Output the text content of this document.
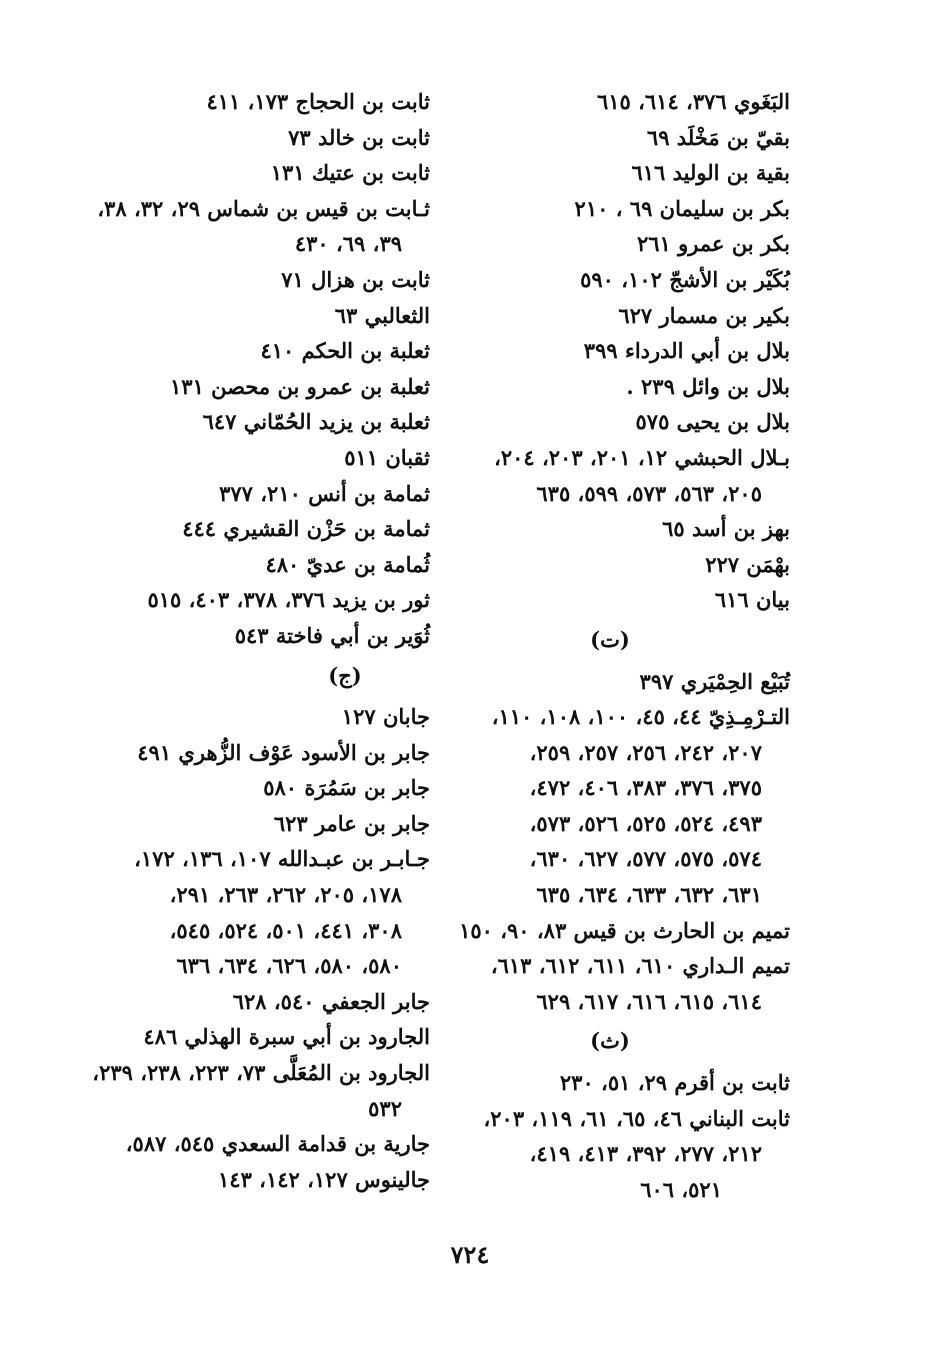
البَغَوي ٣٧٦، ٦١٤، ٦١٥
بقيّ بن مَخْلَد ٦٩
بقية بن الوليد ٦١٦
بكر بن سليمان ٦٩ ، ٢١٠
بكر بن عمرو ٢٦١
بُكَيْر بن الأشجّ ١٠٢، ٥٩٠
بكير بن مسمار ٦٢٧
بلال بن أبي الدرداء ٣٩٩
بلال بن وائل ٢٣٩ .
بلال بن يحيى ٥٧٥
بـلال الحبشي ١٢، ٢٠١، ٢٠٣، ٢٠٤،
٢٠٥، ٥٦٣، ٥٧٣، ٥٩٩، ٦٣٥
بهز بن أسد ٦٥
بهْمَن ٢٢٧
بيان ٦١٦
(ت)
تُبَيْع الحِمْيَري ٣٩٧
التـرْمِـذِيّ ٤٤، ٤٥، ١٠٠، ١٠٨، ١١٠،
٢٠٧، ٢٤٢، ٢٥٦، ٢٥٧، ٢٥٩،
٣٧٥، ٣٧٦، ٣٨٣، ٤٠٦، ٤٧٢،
٤٩٣، ٥٢٤، ٥٢٥، ٥٢٦، ٥٧٣،
٥٧٤، ٥٧٥، ٥٧٧، ٦٢٧، ٦٣٠،
٦٣١، ٦٣٢، ٦٣٣، ٦٣٤، ٦٣٥
تميم بن الحارث بن قيس ٨٣، ٩٠، ١٥٠
تميم الـداري ٦١٠، ٦١١، ٦١٢، ٦١٣،
٦١٤، ٦١٥، ٦١٦، ٦١٧، ٦٢٩
(ث)
ثابت بن أقرم ٢٩، ٥١، ٢٣٠
ثابت البناني ٤٦، ٦٥، ٦١، ١١٩، ٢٠٣،
٢١٢، ٢٧٧، ٣٩٢، ٤١٣، ٤١٩،
٥٢١، ٦٠٦
ثابت بن الحجاج ١٧٣، ٤١١
ثابت بن خالد ٧٣
ثابت بن عتيك ١٣١
ثـابت بن قيس بن شماس ٢٩، ٣٢، ٣٨،
٣٩، ٦٩، ٤٣٠
ثابت بن هزال ٧١
الثعالبي ٦٣
ثعلبة بن الحكم ٤١٠
ثعلبة بن عمرو بن محصن ١٣١
ثعلبة بن يزيد الحُمّاني ٦٤٧
ثقبان ٥١١
ثمامة بن أنس ٢١٠، ٣٧٧
ثمامة بن حَزْن القشيري ٤٤٤
ثُمامة بن عديّ ٤٨٠
ثور بن يزيد ٣٧٦، ٣٧٨، ٤٠٣، ٥١٥
ثُوَير بن أبي فاختة ٥٤٣
(ج)
جابان ١٢٧
جابر بن الأسود عَوْف الزُّهري ٤٩١
جابر بن سَمُرَة ٥٨٠
جابر بن عامر ٦٢٣
جـابـر بن عبـدالله ١٠٧، ١٣٦، ١٧٢،
١٧٨، ٢٠٥، ٢٦٢، ٢٦٣، ٢٩١،
٣٠٨، ٤٤١، ٥٠١، ٥٢٤، ٥٤٥،
٥٨٠، ٥٨٠، ٦٢٦، ٦٣٤، ٦٣٦
جابر الجعفي ٥٤٠، ٦٢٨
الجارود بن أبي سبرة الهذلي ٤٨٦
الجارود بن المُعَلَّى ٧٣، ٢٢٣، ٢٣٨، ٢٣٩،
٥٣٢
جارية بن قدامة السعدي ٥٤٥، ٥٨٧،
جالينوس ١٢٧، ١٤٢، ١٤٣
٧٢٤
